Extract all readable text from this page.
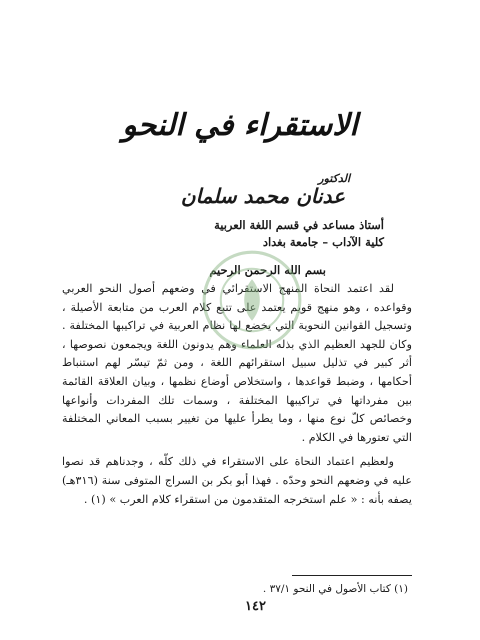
الاستقراء في النحو
الدكتور
عدنان محمد سلمان
أستاذ مساعد في قسم اللغة العربية
كلية الآداب – جامعة بغداد
بسم الله الرحمن الرحيم

لقد اعتمد النحاة المنهج الاستقرائي في وضعهم أصول النحو العربي وقواعده ، وهو منهج قويم يعتمد على تتبع كلام العرب من متابعة الأصيلة ، وتسجيل القوانين النحوية التي يخضع لها نظام العربية في تراكيبها المختلفة . وكان للجهد العظيم الذي بذله العلماء وهم يدونون اللغة ويجمعون نصوصها ، أثر كبير في تذليل سبيل استقرائهم اللغة ، ومن ثمّ تيسّر لهم استنباط أحكامها ، وضبط قواعدها ، واستخلاص أوضاع نظمها ، وبيان العلاقة القائمة بين مفرداتها في تراكيبها المختلفة ، وسمات تلك المفردات وأنواعها وخصائص كلّ نوع منها ، وما يطرأ عليها من تغيير بسبب المعاني المختلفة التي تعتورها في الكلام .

ولعظيم اعتماد النحاة على الاستقراء في ذلك كلّه ، وجدناهم قد نصوا عليه في وضعهم النحو وحدّه . فهذا أبو بكر بن السراج المتوفى سنة (٣١٦هـ) يصفه بأنه : « علم استخرجه المتقدمون من استقراء كلام العرب » (١) .

(١) كتاب الأصول في النحو ٣٧/١ .
١٤٢
